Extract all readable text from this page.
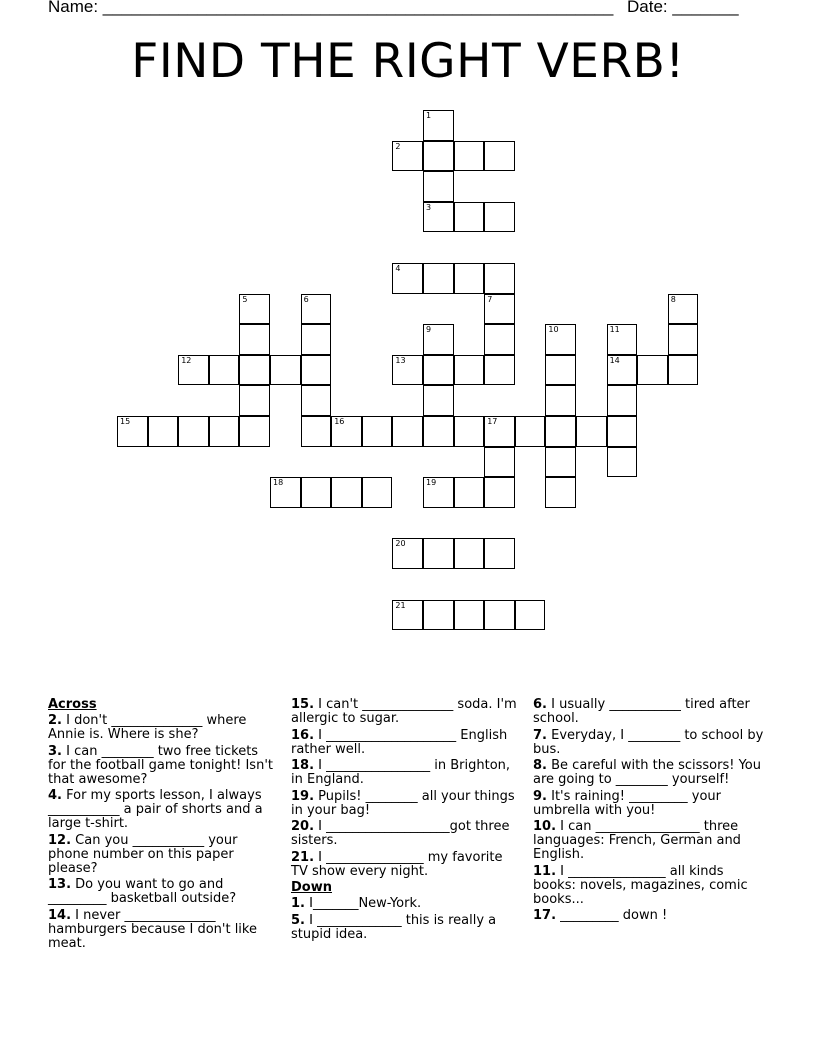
Name: ______________________________________________________ Date: _______
FIND THE RIGHT VERB!
1
3
2
4
5	6	7	8
9	10	11
14
12	13
15	16	17
18	19
20
21
Across

2. I don't ______________ where Annie is. Where is she?

3. I can ________ two free tickets for the football game tonight! Isn't that awesome?

4. For my sports lesson, I always ___________ a pair of shorts and a large t-shirt.

12. Can you ___________ your phone number on this paper please?

13. Do you want to go and _________ basketball outside?

14. I never ______________ hamburgers because I don't like meat.

15. I can't ______________ soda. I'm allergic to sugar.

16. I ____________________ English rather well.

18. I ________________ in Brighton, in England.

19. Pupils! ________ all your things in your bag!

20. I ___________________got three sisters.

21. I _______________ my favorite TV show every night.

Down

1. I_______New-York.

5. I _____________ this is really a stupid idea.

6. I usually ___________ tired after school.

7. Everyday, I ________ to school by bus.

8. Be careful with the scissors! You are going to ________ yourself!

9. It's raining! _________ your umbrella with you!

10. I can ________________ three languages: French, German and English.

11. I _______________ all kinds books: novels, magazines, comic books...

17. _________ down !
